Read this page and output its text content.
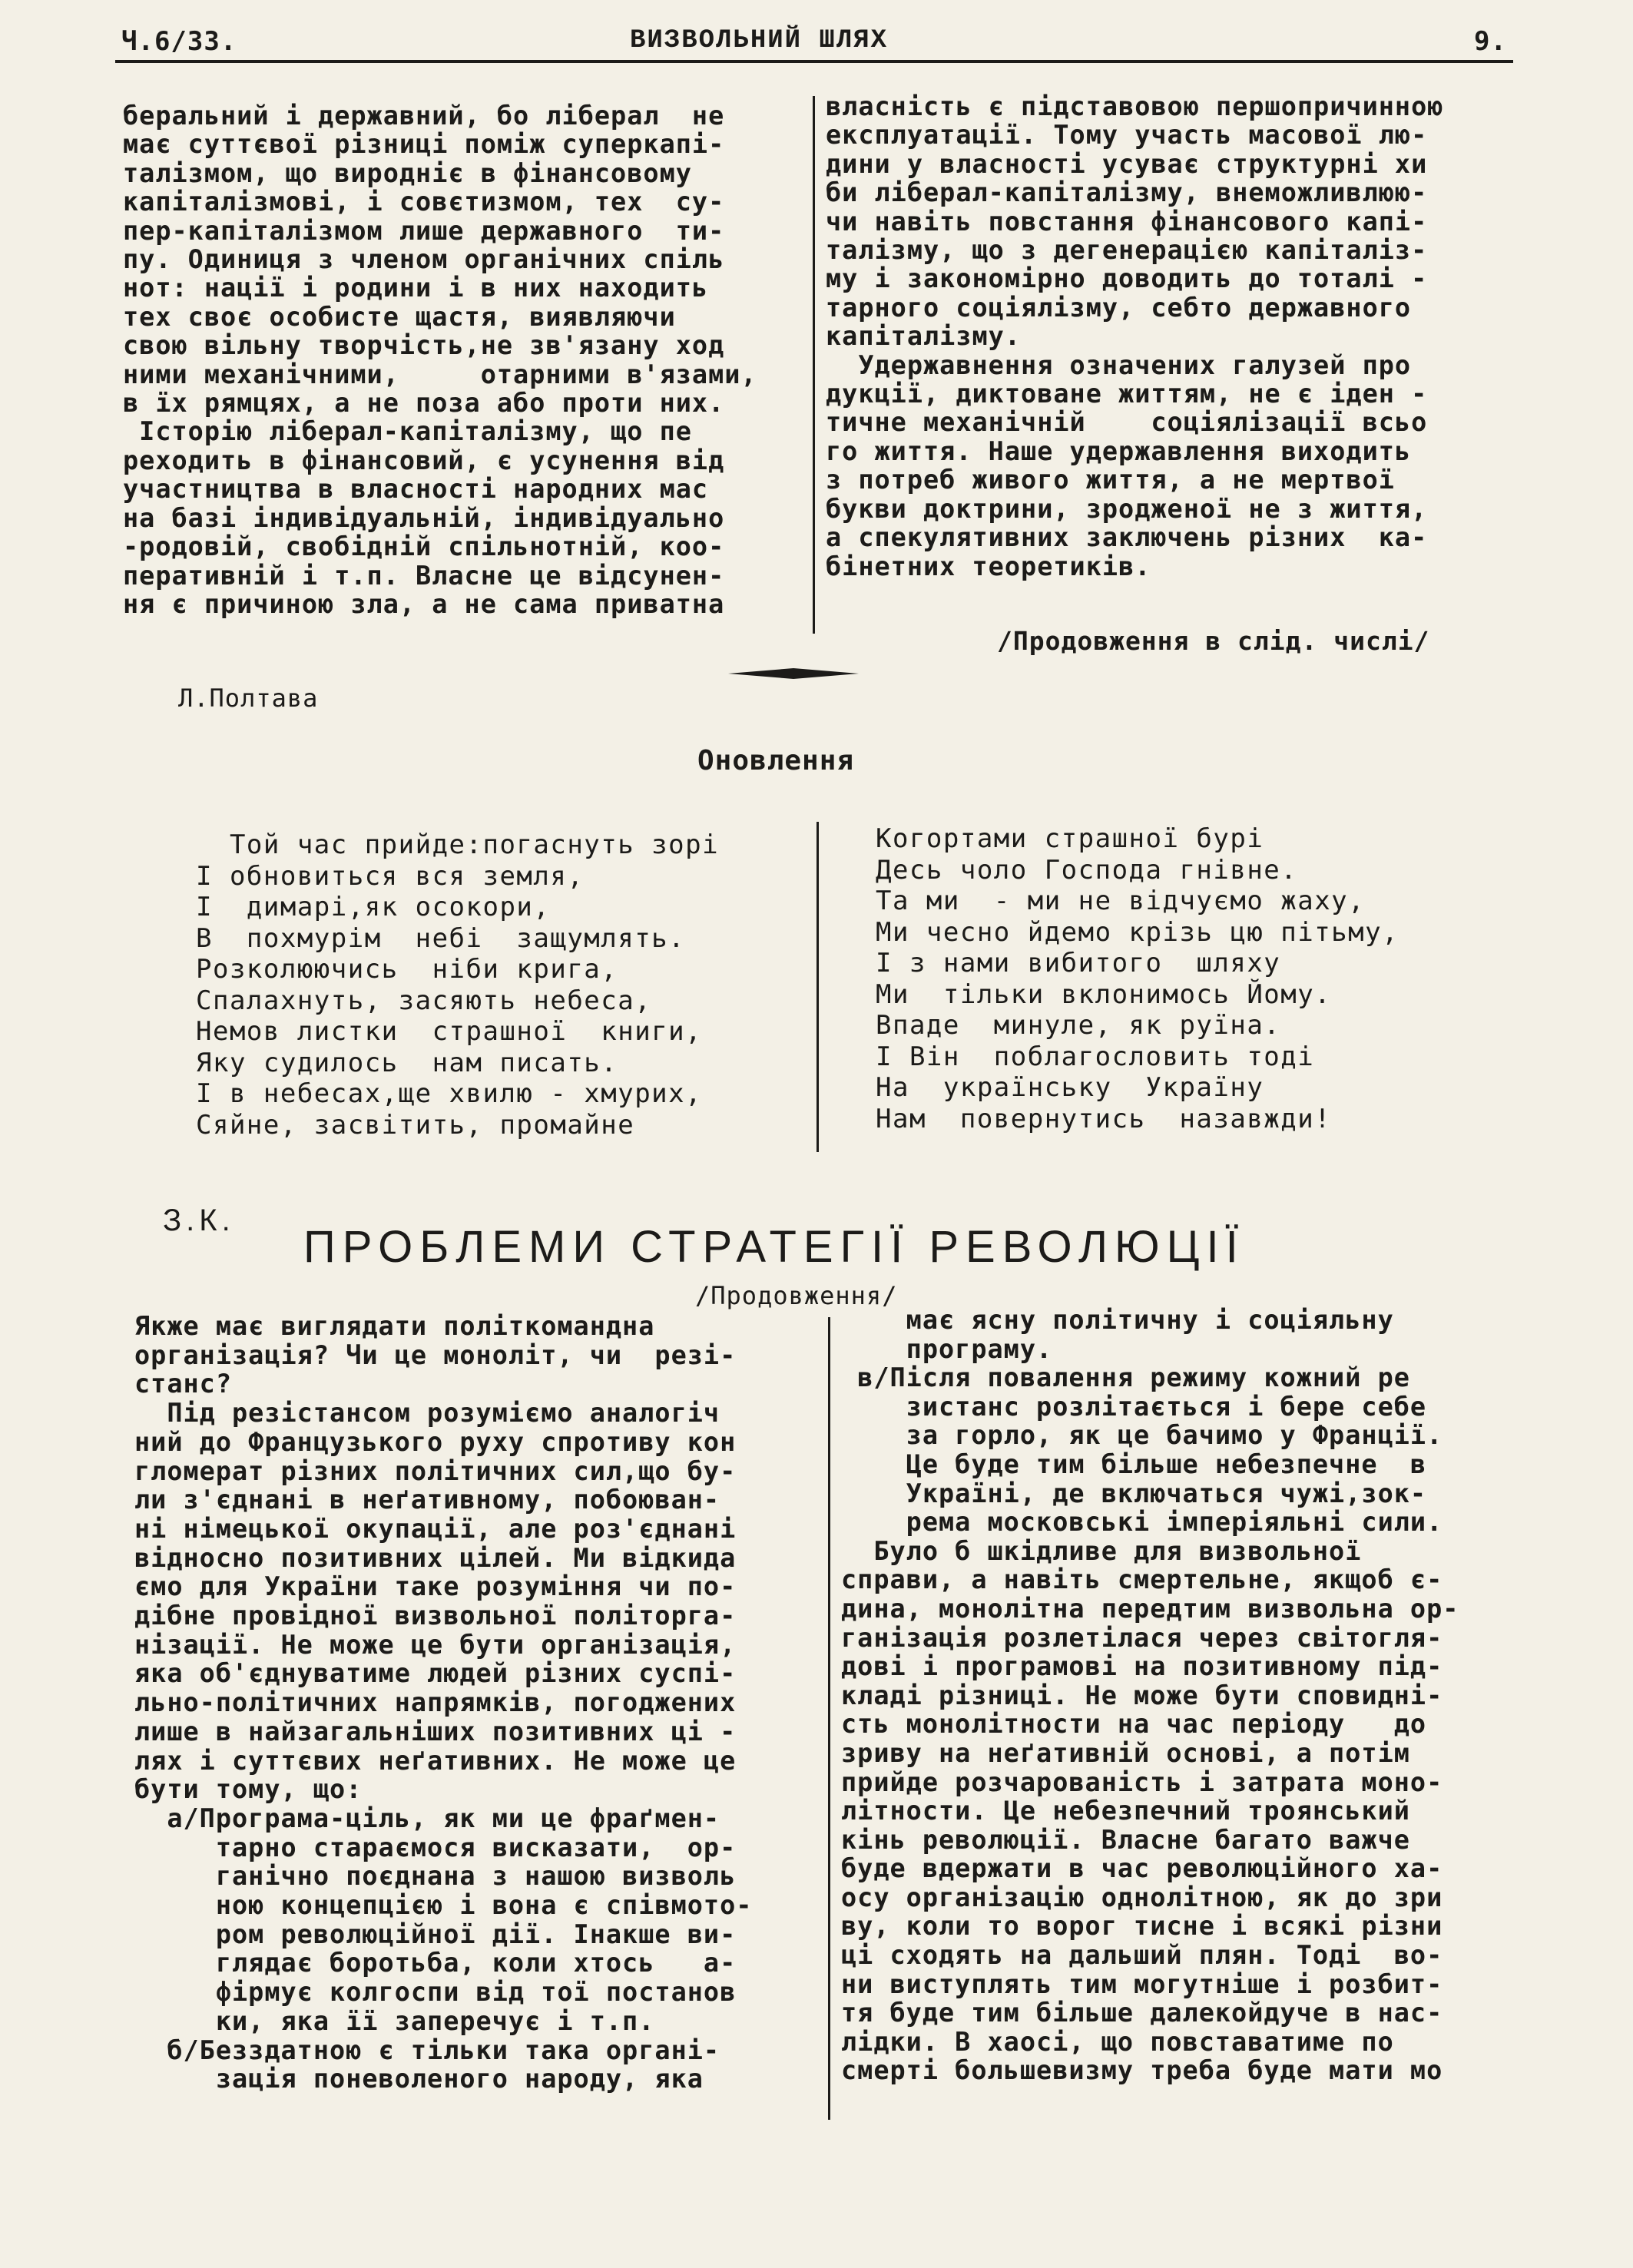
Ч.6/33.	ВИЗВОЛЬНИЙ ШЛЯХ	9.
беральний і державний, бо ліберал  не
має суттєвої різниці поміж суперкапі-
талізмом, що виродніє в фінансовому
капіталізмові, і совєтизмом, тех  су-
пер-капіталізмом лише державного  ти-
пу. Одиниця з членом органічних спіль
нот: нації і родини і в них находить
тех своє особисте щастя, виявляючи
свою вільну творчість,не зв'язану ход
ними механічними,     отарними в'язами,
в їх рямцях, а не поза або проти них.
Історію ліберал-капіталізму, що пе
реходить в фінансовий, є усунення від
участництва в власності народних мас
на базі індивідуальній, індивідуально
-родовій, свобідній спільнотній, коо-
перативній і т.п. Власне це відсунен-
ня є причиною зла, а не сама приватна
власність є підставовою першопричинною
експлуатації. Тому участь масової лю-
дини у власності усуває структурні хи
би ліберал-капіталізму, внеможливлюю-
чи навіть повстання фінансового капі-
талізму, що з дегенерацією капіталіз-
му і закономірно доводить до тоталі -
тарного соціялізму, себто державного
капіталізму.
Удержавнення означених галузей про
дукції, диктоване життям, не є іден -
тичне механічній    соціялізації всьо
го життя. Наше удержавлення виходить
з потреб живого життя, а не мертвої
букви доктрини, зродженої не з життя,
а спекулятивних заключень різних  ка-
бінетних теоретиків.
/Продовження в слід. числі/
Л.Полтава
Оновлення
Той час прийде:погаснуть зорі
І обновиться вся земля,
І  димарі,як осокори,
В  похмурім  небі  защумлять.
Розколюючись  ніби крига,
Спалахнуть, засяють небеса,
Немов листки  страшної  книги,
Яку судилось  нам писать.
І в небесах,ще хвилю - хмурих,
Сяйне, засвітить, промайне
Когортами страшної бурі
Десь чоло Господа гнівне.
Та ми  - ми не відчуємо жаху,
Ми чесно йдемо крізь цю пітьму,
І з нами вибитого  шляху
Ми  тільки вклонимось Йому.
Впаде  минуле, як руїна.
І Він  поблагословить тоді
На  українську  Україну
Нам  повернутись  назавжди!
З.К.
ПРОБЛЕМИ СТРАТЕГІЇ РЕВОЛЮЦІЇ
/Продовження/
Якже має виглядати політкомандна
організація? Чи це моноліт, чи  резі-
станс?
Під резістансом розуміємо аналогіч
ний до Французького руху спротиву кон
гломерат різних політичних сил,що бу-
ли з'єднані в неґативному, побоюван-
ні німецької окупації, але роз'єднані
відносно позитивних цілей. Ми відкида
ємо для України таке розуміння чи по-
дібне провідної визвольної політорга-
нізації. Не може це бути організація,
яка об'єднуватиме людей різних суспі-
льно-політичних напрямків, погоджених
лише в найзагальніших позитивних ці -
лях і суттєвих неґативних. Не може це
бути тому, що:
а/Програма-ціль, як ми це фраґмен-
тарно стараємося висказати,  ор-
ганічно поєднана з нашою визволь
ною концепцією і вона є співмото-
ром революційної дії. Інакше ви-
глядає боротьба, коли хтось   а-
фірмує колгоспи від тої постанов
ки, яка її заперечує і т.п.
б/Безздатною є тільки така органі-
зація поневоленого народу, яка
має ясну політичну і соціяльну
програму.
в/Після повалення режиму кожний ре
зистанс розлітається і бере себе
за горло, як це бачимо у Франції.
Це буде тим більше небезпечне  в
Україні, де включаться чужі,зок-
рема московські імперіяльні сили.
Було б шкідливе для визвольної
справи, а навіть смертельне, якщоб є-
дина, монолітна передтим визвольна ор-
ганізація розлетілася через світогля-
дові і програмові на позитивному під-
кладі різниці. Не може бути сповидні-
сть монолітности на час періоду   до
зриву на неґативній основі, а потім
прийде розчарованість і затрата моно-
літности. Це небезпечний троянський
кінь революції. Власне багато важче
буде вдержати в час революційного ха-
осу організацію однолітною, як до зри
ву, коли то ворог тисне і всякі різни
ці сходять на дальший плян. Тоді  во-
ни виступлять тим могутніше і розбит-
тя буде тим більше далекойдуче в нас-
лідки. В хаосі, що повставатиме по
смерті большевизму треба буде мати мо
